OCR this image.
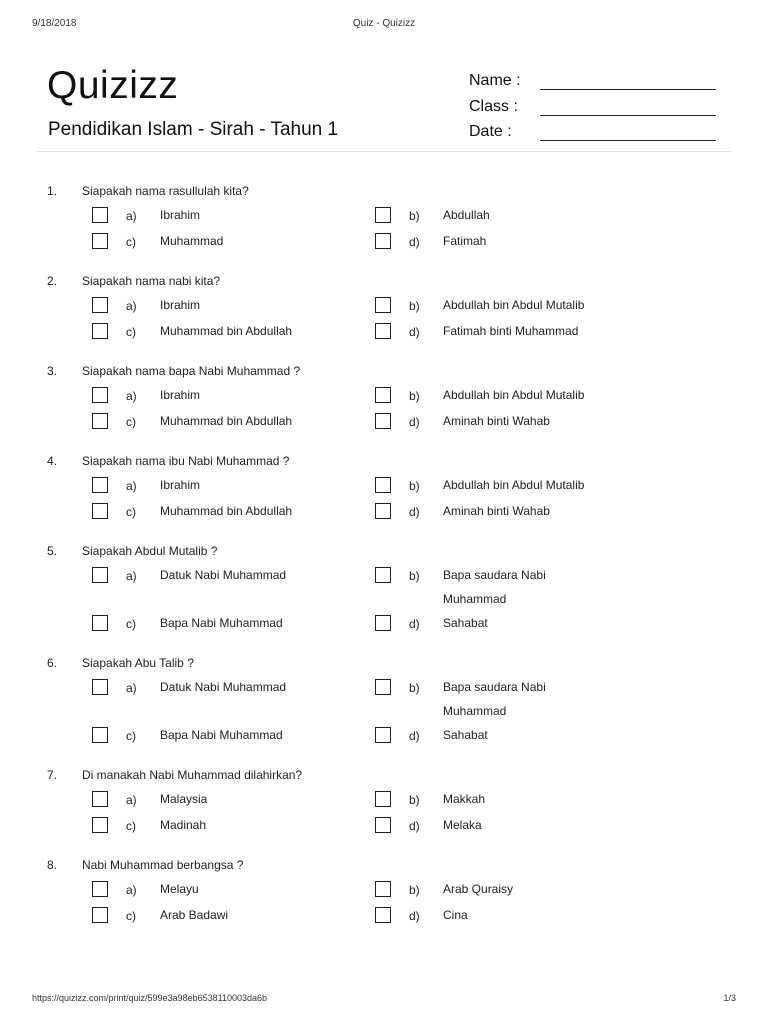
9/18/2018	Quiz - Quizizz
Quizizz
Pendidikan Islam - Sirah - Tahun 1
Name :
Class :
Date :
1. Siapakah nama rasullulah kita?
a) Ibrahim	b) Abdullah
c) Muhammad	d) Fatimah
2. Siapakah nama nabi kita?
a) Ibrahim	b) Abdullah bin Abdul Mutalib
c) Muhammad bin Abdullah	d) Fatimah binti Muhammad
3. Siapakah nama bapa Nabi Muhammad ?
a) Ibrahim	b) Abdullah bin Abdul Mutalib
c) Muhammad bin Abdullah	d) Aminah binti Wahab
4. Siapakah nama ibu Nabi Muhammad ?
a) Ibrahim	b) Abdullah bin Abdul Mutalib
c) Muhammad bin Abdullah	d) Aminah binti Wahab
5. Siapakah Abdul Mutalib ?
a) Datuk Nabi Muhammad	b) Bapa saudara Nabi Muhammad
c) Bapa Nabi Muhammad	d) Sahabat
6. Siapakah Abu Talib ?
a) Datuk Nabi Muhammad	b) Bapa saudara Nabi Muhammad
c) Bapa Nabi Muhammad	d) Sahabat
7. Di manakah Nabi Muhammad dilahirkan?
a) Malaysia	b) Makkah
c) Madinah	d) Melaka
8. Nabi Muhammad berbangsa ?
a) Melayu	b) Arab Quraisy
c) Arab Badawi	d) Cina
https://quizizz.com/print/quiz/599e3a98eb6538110003da6b	1/3
